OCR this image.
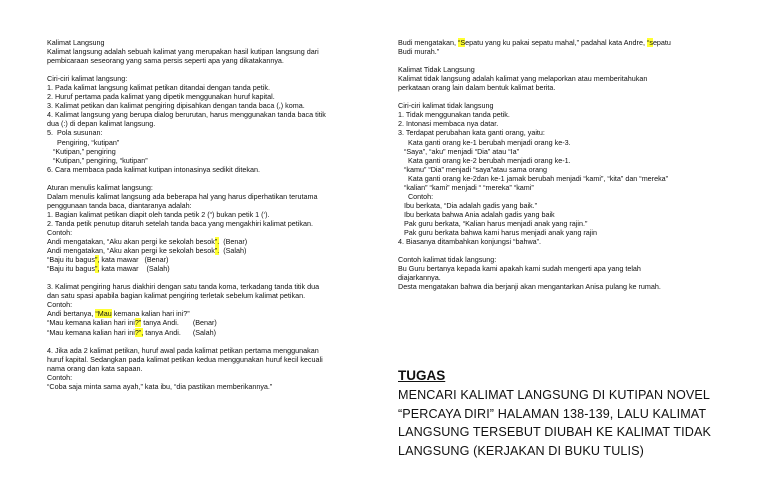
Kalimat Langsung
Kalimat langsung adalah sebuah kalimat yang merupakan hasil kutipan langsung dari
pembicaraan seseorang yang sama persis seperti apa yang dikatakannya.
Ciri-ciri kalimat langsung:
1. Pada kalimat langsung kalimat petikan ditandai dengan tanda petik.
2. Huruf pertama pada kalimat yang dipetik menggunakan huruf kapital.
3. Kalimat petikan dan kalimat pengiring dipisahkan dengan tanda baca (,) koma.
4. Kalimat langsung yang berupa dialog berurutan, harus menggunakan tanda baca titik
dua (:) di depan kalimat langsung.
5.  Pola susunan:
Pengiring, “kutipan”
“Kutipan,” pengiring
“Kutipan,” pengiring, “kutipan”
6. Cara membaca pada kalimat kutipan intonasinya sedikit ditekan.
Aturan menulis kalimat langsung:
Dalam menulis kalimat langsung ada beberapa hal yang harus diperhatikan terutama
penggunaan tanda baca, diantaranya adalah:
1. Bagian kalimat petikan diapit oleh tanda petik 2 (“) bukan petik 1 (‘).
2. Tanda petik penutup ditaruh setelah tanda baca yang mengakhiri kalimat petikan.
Contoh:
Andi mengatakan, “Aku akan pergi ke sekolah besok”.  (Benar)
Andi mengatakan, “Aku akan pergi ke sekolah besok”.  (Salah)
“Baju itu bagus”, kata mawar   (Benar)
“Baju itu bagus”, kata mawar    (Salah)
3. Kalimat pengiring harus diakhiri dengan satu tanda koma, terkadang tanda titik dua
dan satu spasi apabila bagian kalimat pengiring terletak sebelum kalimat petikan.
Contoh:
Andi bertanya, “Mau kemana kalian hari ini?”
“Mau kemana kalian hari ini?” tanya Andi.       (Benar)
“Mau kemana kalian hari ini?”, tanya Andi.      (Salah)
4. Jika ada 2 kalimat petikan, huruf awal pada kalimat petikan pertama menggunakan
huruf kapital. Sedangkan pada kalimat petikan kedua menggunakan huruf kecil kecuali
nama orang dan kata sapaan.
Contoh:
“Coba saja minta sama ayah,” kata ibu, “dia pastikan memberikannya.”
Budi mengatakan, “Sepatu yang ku pakai sepatu mahal,” padahal kata Andre, “sepatu
Budi murah.”
Kalimat Tidak Langsung
Kalimat tidak langsung adalah kalimat yang melaporkan atau memberitahukan
perkataan orang lain dalam bentuk kalimat berita.
Ciri-ciri kalimat tidak langsung
1. Tidak menggunakan tanda petik.
2. Intonasi membaca nya datar.
3. Terdapat perubahan kata ganti orang, yaitu:
Kata ganti orang ke-1 berubah menjadi orang ke-3.
“Saya”, “aku” menjadi “Dia” atau “Ia”
Kata ganti orang ke-2 berubah menjadi orang ke-1.
“kamu” “Dia” menjadi “saya”atau sama orang
Kata ganti orang ke-2dan ke-1 jamak berubah menjadi “kami”, “kita” dan “mereka”
“kalian” “kami” menjadi “ “mereka” “kami”
Contoh:
Ibu berkata, “Dia adalah gadis yang baik.”
Ibu berkata bahwa Ania adalah gadis yang baik
Pak guru berkata, “Kalian harus menjadi anak yang rajin.”
Pak guru berkata bahwa kami harus menjadi anak yang rajin
4. Biasanya ditambahkan konjungsi “bahwa”.
Contoh kalimat tidak langsung:
Bu Guru bertanya kepada kami apakah kami sudah mengerti apa yang telah
diajarkannya.
Desta mengatakan bahwa dia berjanji akan mengantarkan Anisa pulang ke rumah.
TUGAS
MENCARI KALIMAT LANGSUNG DI KUTIPAN NOVEL
“PERCAYA DIRI” HALAMAN 138-139, LALU KALIMAT
LANGSUNG TERSEBUT DIUBAH KE KALIMAT TIDAK
LANGSUNG (KERJAKAN DI BUKU TULIS)
